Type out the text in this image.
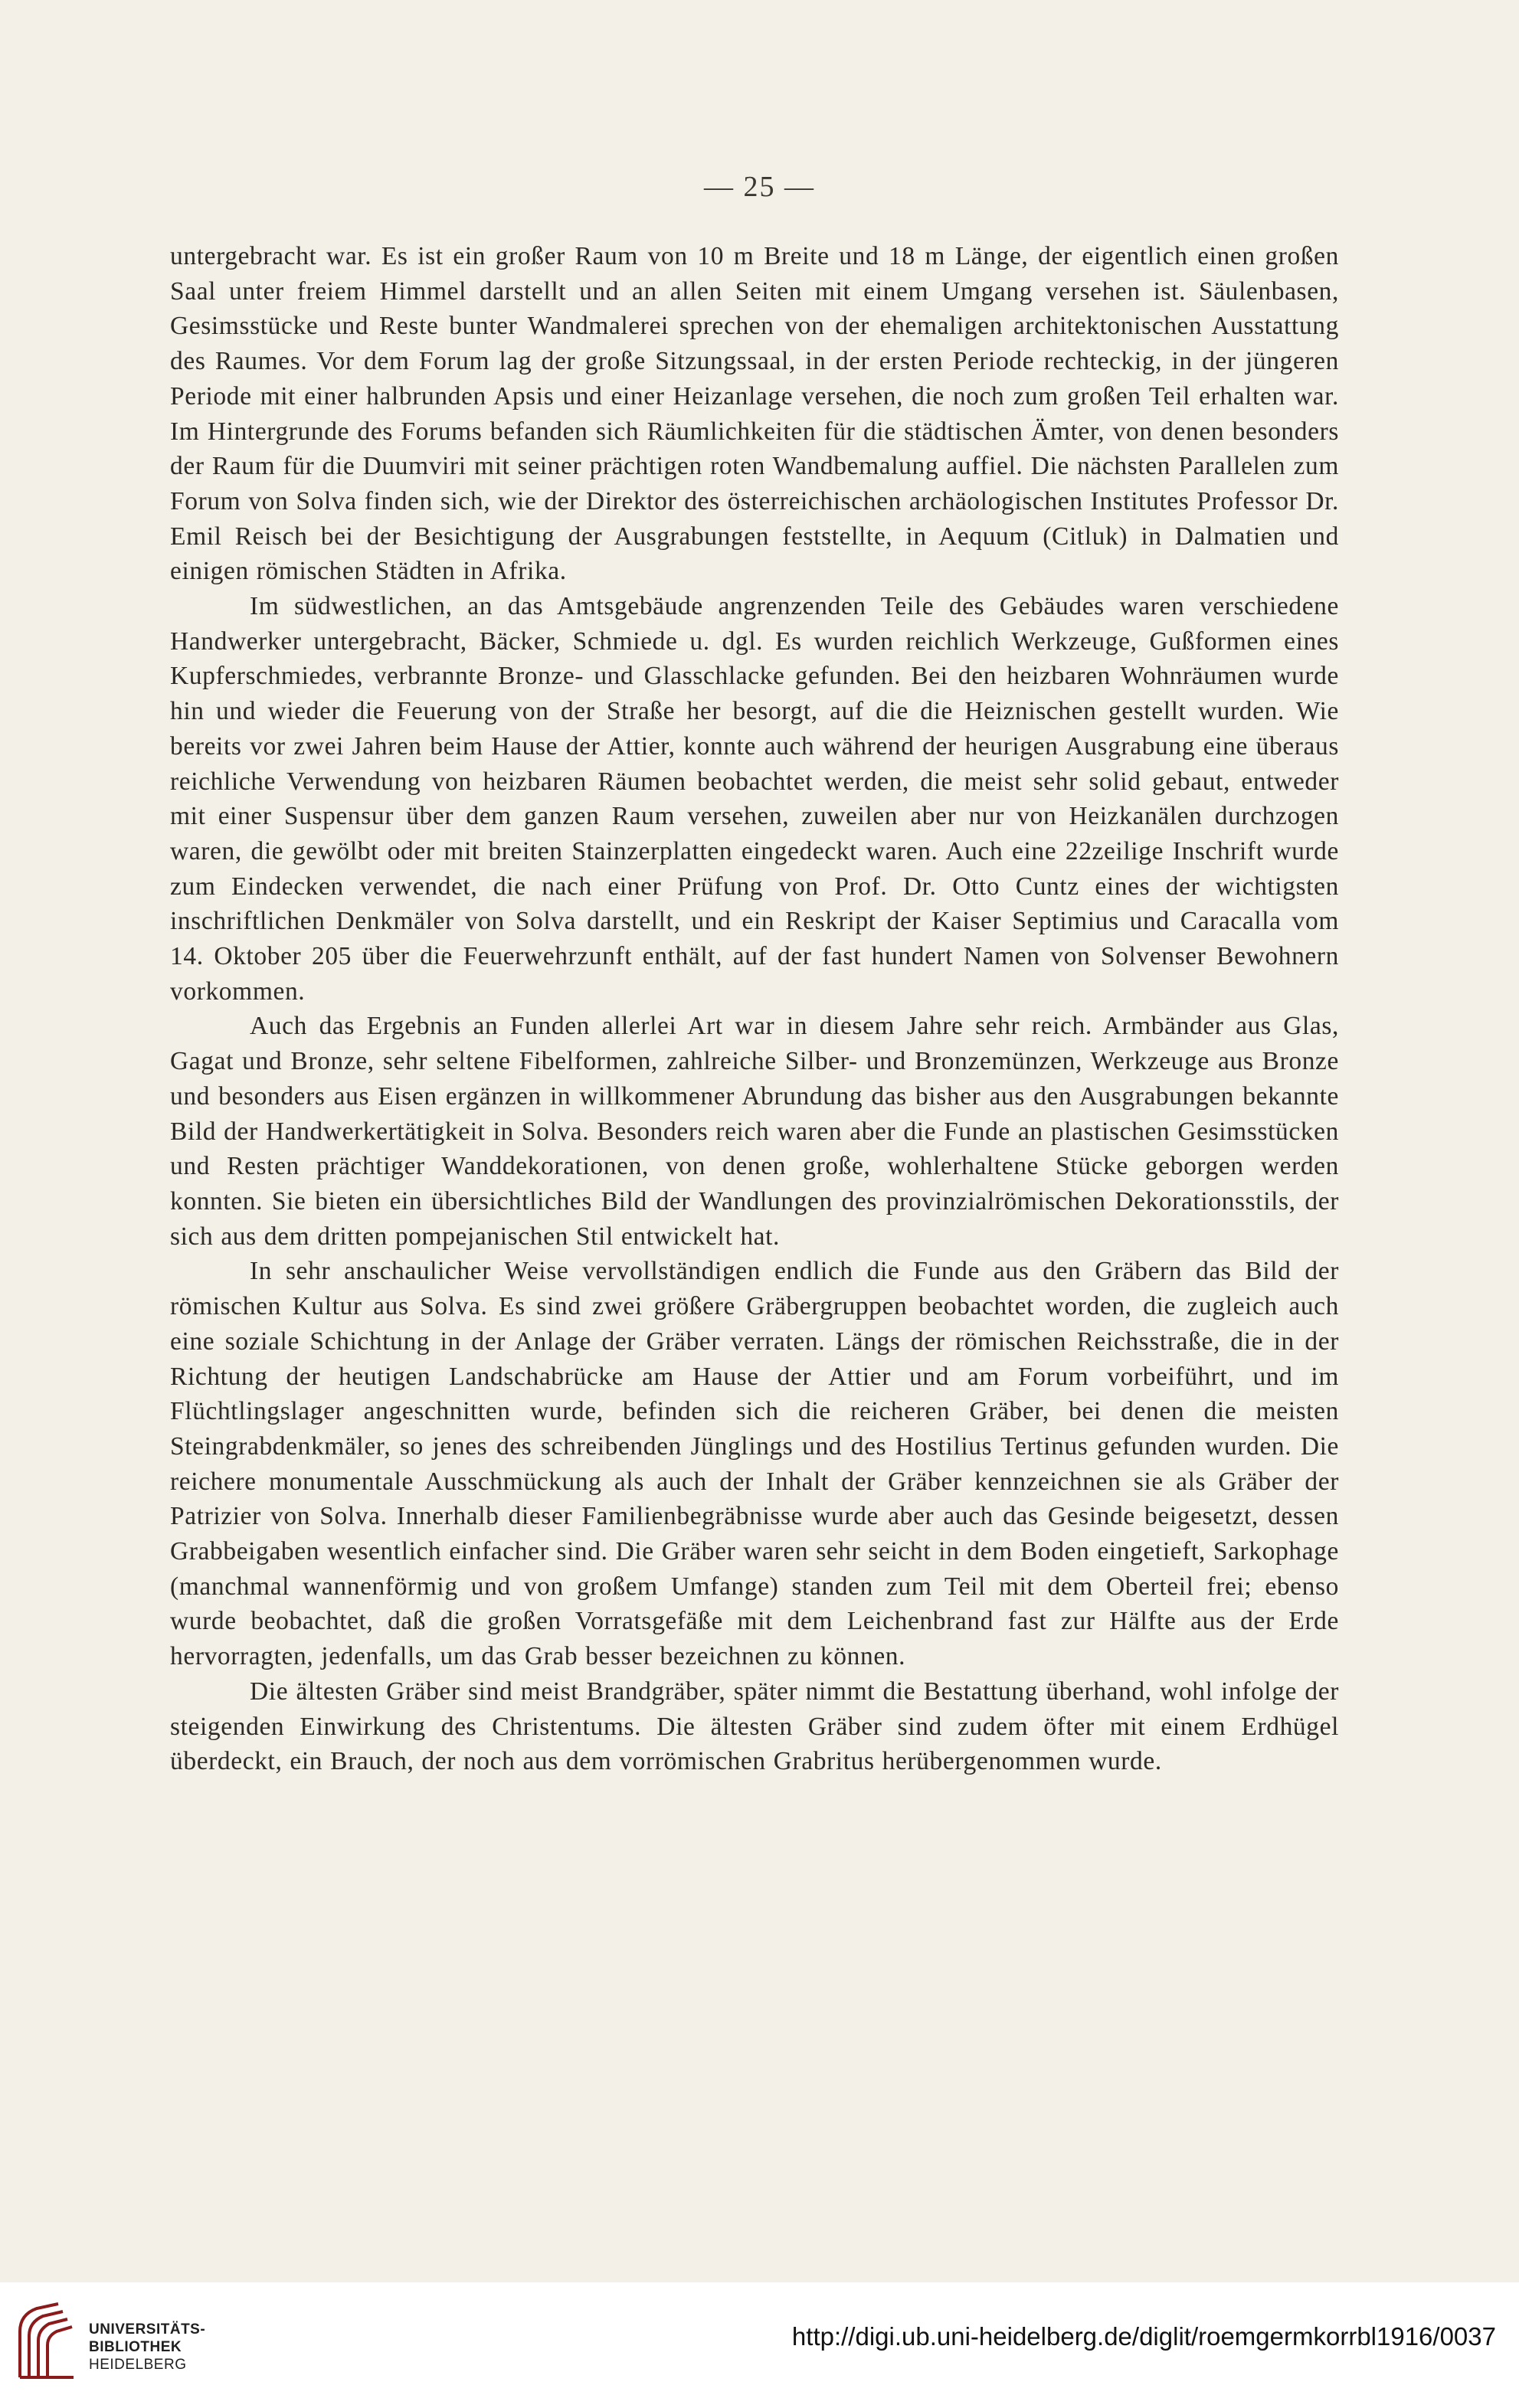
— 25 —

untergebracht war. Es ist ein großer Raum von 10 m Breite und 18 m Länge, der eigentlich einen großen Saal unter freiem Himmel darstellt und an allen Seiten mit einem Umgang versehen ist. Säulenbasen, Gesimsstücke und Reste bunter Wandmalerei sprechen von der ehemaligen architektonischen Ausstattung des Raumes. Vor dem Forum lag der große Sitzungssaal, in der ersten Periode rechteckig, in der jüngeren Periode mit einer halbrunden Apsis und einer Heizanlage versehen, die noch zum großen Teil erhalten war. Im Hintergrunde des Forums befanden sich Räumlichkeiten für die städtischen Ämter, von denen besonders der Raum für die Duumviri mit seiner prächtigen roten Wandbemalung auffiel. Die nächsten Parallelen zum Forum von Solva finden sich, wie der Direktor des österreichischen archäologischen Institutes Professor Dr. Emil Reisch bei der Besichtigung der Ausgrabungen feststellte, in Aequum (Citluk) in Dalmatien und einigen römischen Städten in Afrika.

Im südwestlichen, an das Amtsgebäude angrenzenden Teile des Gebäudes waren verschiedene Handwerker untergebracht, Bäcker, Schmiede u. dgl. Es wurden reichlich Werkzeuge, Gußformen eines Kupferschmiedes, verbrannte Bronze- und Glasschlacke gefunden. Bei den heizbaren Wohnräumen wurde hin und wieder die Feuerung von der Straße her besorgt, auf die die Heiznischen gestellt wurden. Wie bereits vor zwei Jahren beim Hause der Attier, konnte auch während der heurigen Ausgrabung eine überaus reichliche Verwendung von heizbaren Räumen beobachtet werden, die meist sehr solid gebaut, entweder mit einer Suspensur über dem ganzen Raum versehen, zuweilen aber nur von Heizkanälen durchzogen waren, die gewölbt oder mit breiten Stainzerplatten eingedeckt waren. Auch eine 22zeilige Inschrift wurde zum Eindecken verwendet, die nach einer Prüfung von Prof. Dr. Otto Cuntz eines der wichtigsten inschriftlichen Denkmäler von Solva darstellt, und ein Reskript der Kaiser Septimius und Caracalla vom 14. Oktober 205 über die Feuerwehrzunft enthält, auf der fast hundert Namen von Solvenser Bewohnern vorkommen.

Auch das Ergebnis an Funden allerlei Art war in diesem Jahre sehr reich. Armbänder aus Glas, Gagat und Bronze, sehr seltene Fibelformen, zahlreiche Silber- und Bronzemünzen, Werkzeuge aus Bronze und besonders aus Eisen ergänzen in willkommener Abrundung das bisher aus den Ausgrabungen bekannte Bild der Handwerkertätigkeit in Solva. Besonders reich waren aber die Funde an plastischen Gesimsstücken und Resten prächtiger Wanddekorationen, von denen große, wohlerhaltene Stücke geborgen werden konnten. Sie bieten ein übersichtliches Bild der Wandlungen des provinzialrömischen Dekorationsstils, der sich aus dem dritten pompejanischen Stil entwickelt hat.

In sehr anschaulicher Weise vervollständigen endlich die Funde aus den Gräbern das Bild der römischen Kultur aus Solva. Es sind zwei größere Gräbergruppen beobachtet worden, die zugleich auch eine soziale Schichtung in der Anlage der Gräber verraten. Längs der römischen Reichsstraße, die in der Richtung der heutigen Landschabrücke am Hause der Attier und am Forum vorbeiführt, und im Flüchtlingslager angeschnitten wurde, befinden sich die reicheren Gräber, bei denen die meisten Steingrabdenkmäler, so jenes des schreibenden Jünglings und des Hostilius Tertinus gefunden wurden. Die reichere monumentale Ausschmückung als auch der Inhalt der Gräber kennzeichnen sie als Gräber der Patrizier von Solva. Innerhalb dieser Familienbegräbnisse wurde aber auch das Gesinde beigesetzt, dessen Grabbeigaben wesentlich einfacher sind. Die Gräber waren sehr seicht in dem Boden eingetieft, Sarkophage (manchmal wannenförmig und von großem Umfange) standen zum Teil mit dem Oberteil frei; ebenso wurde beobachtet, daß die großen Vorratsgefäße mit dem Leichenbrand fast zur Hälfte aus der Erde hervorragten, jedenfalls, um das Grab besser bezeichnen zu können.

Die ältesten Gräber sind meist Brandgräber, später nimmt die Bestattung überhand, wohl infolge der steigenden Einwirkung des Christentums. Die ältesten Gräber sind zudem öfter mit einem Erdhügel überdeckt, ein Brauch, der noch aus dem vorrömischen Grabritus herübergenommen wurde.

UNIVERSITÄTS-
BIBLIOTHEK
HEIDELBERG
http://digi.ub.uni-heidelberg.de/diglit/roemgermkorrbl1916/0037
